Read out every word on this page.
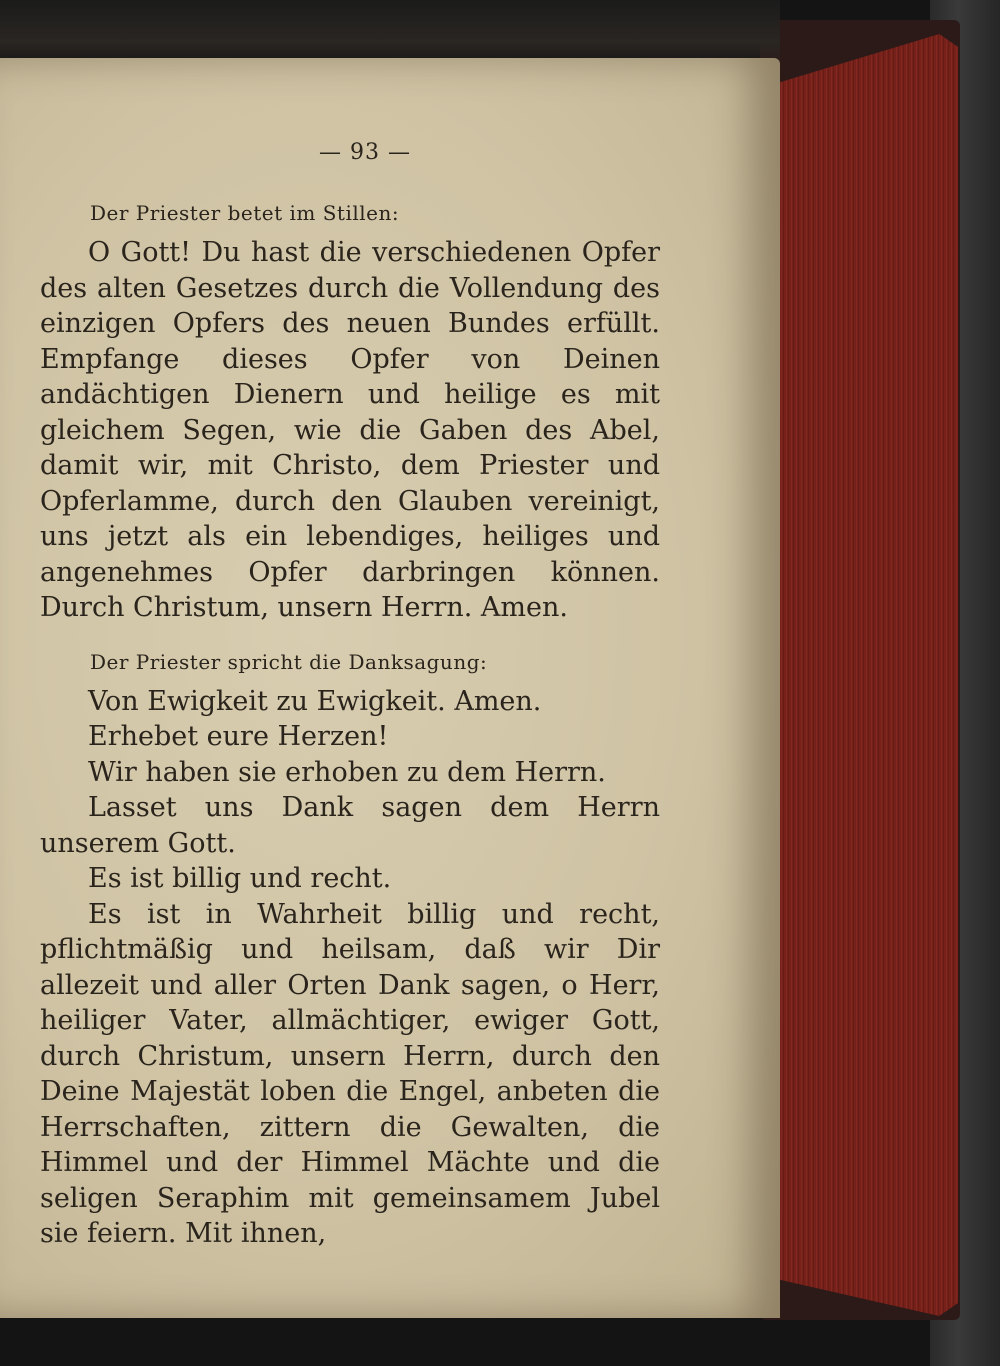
— 93 —
Der Priester betet im Stillen:
O Gott! Du hast die verschiedenen Opfer des alten Gesetzes durch die Vollendung des einzigen Opfers des neuen Bundes erfüllt. Empfange dieses Opfer von Deinen andächtigen Dienern und heilige es mit gleichem Segen, wie die Gaben des Abel, damit wir, mit Christo, dem Priester und Opferlamme, durch den Glauben vereinigt, uns jetzt als ein lebendiges, heiliges und angenehmes Opfer darbringen können. Durch Christum, unsern Herrn. Amen.
Der Priester spricht die Danksagung:
Von Ewigkeit zu Ewigkeit. Amen.
Erhebet eure Herzen!
Wir haben sie erhoben zu dem Herrn.
Lasset uns Dank sagen dem Herrn unserem Gott.
Es ist billig und recht.
Es ist in Wahrheit billig und recht, pflichtmäßig und heilsam, daß wir Dir allezeit und aller Orten Dank sagen, o Herr, heiliger Vater, allmächtiger, ewiger Gott, durch Christum, unsern Herrn, durch den Deine Majestät loben die Engel, anbeten die Herrschaften, zittern die Gewalten, die Himmel und der Himmel Mächte und die seligen Seraphim mit gemeinsamem Jubel sie feiern. Mit ihnen,
